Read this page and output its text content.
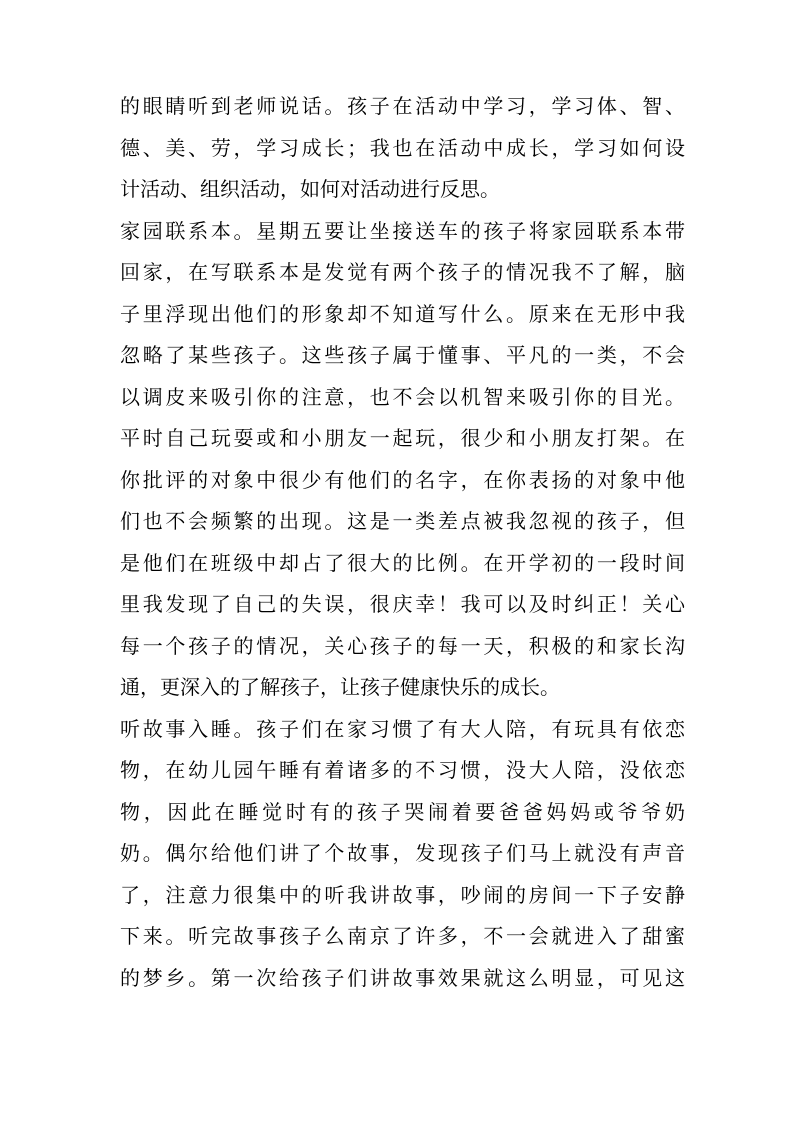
的眼睛听到老师说话。孩子在活动中学习，学习体、智、
德、美、劳，学习成长；我也在活动中成长，学习如何设
计活动、组织活动，如何对活动进行反思。
家园联系本。星期五要让坐接送车的孩子将家园联系本带
回家，在写联系本是发觉有两个孩子的情况我不了解，脑
子里浮现出他们的形象却不知道写什么。原来在无形中我
忽略了某些孩子。这些孩子属于懂事、平凡的一类，不会
以调皮来吸引你的注意，也不会以机智来吸引你的目光。
平时自己玩耍或和小朋友一起玩，很少和小朋友打架。在
你批评的对象中很少有他们的名字，在你表扬的对象中他
们也不会频繁的出现。这是一类差点被我忽视的孩子，但
是他们在班级中却占了很大的比例。在开学初的一段时间
里我发现了自己的失误，很庆幸！我可以及时纠正！关心
每一个孩子的情况，关心孩子的每一天，积极的和家长沟
通，更深入的了解孩子，让孩子健康快乐的成长。
听故事入睡。孩子们在家习惯了有大人陪，有玩具有依恋
物，在幼儿园午睡有着诸多的不习惯，没大人陪，没依恋
物，因此在睡觉时有的孩子哭闹着要爸爸妈妈或爷爷奶
奶。偶尔给他们讲了个故事，发现孩子们马上就没有声音
了，注意力很集中的听我讲故事，吵闹的房间一下子安静
下来。听完故事孩子么南京了许多，不一会就进入了甜蜜
的梦乡。第一次给孩子们讲故事效果就这么明显，可见这
